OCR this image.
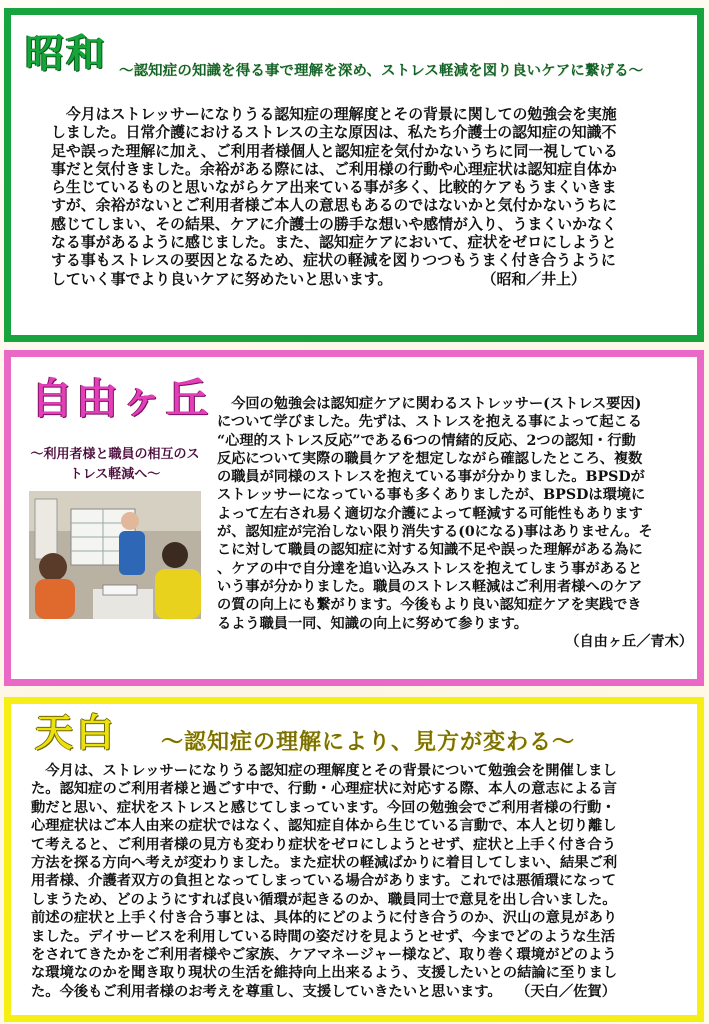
昭和 ～認知症の知識を得る事で理解を深め、ストレス軽減を図り良いケアに繋げる～
　今月はストレッサーになりうる認知症の理解度とその背景に関しての勉強会を実施
しました。日常介護におけるストレスの主な原因は、私たち介護士の認知症の知識不
足や誤った理解に加え、ご利用者様個人と認知症を気付かないうちに同一視している
事だと気付きました。余裕がある際には、ご利用様の行動や心理症状は認知症自体か
ら生じているものと思いながらケア出来ている事が多く、比較的ケアもうまくいきま
すが、余裕がないとご利用者様ご本人の意思もあるのではないかと気付かないうちに
感じてしまい、その結果、ケアに介護士の勝手な想いや感情が入り、うまくいかなく
なる事があるように感じました。また、認知症ケアにおいて、症状をゼロにしようと
する事もストレスの要因となるため、症状の軽減を図りつつもうまく付き合うように
していく事でより良いケアに努めたいと思います。　　　　　　　（昭和／井上）
自由ヶ丘
～利用者様と職員の相互のストレス軽減へ～
　今回の勉強会は認知症ケアに関わるストレッサー(ストレス要因)
について学びました。先ずは、ストレスを抱える事によって起こる
“心理的ストレス反応”である6つの情緒的反応、2つの認知・行動
反応について実際の職員ケアを想定しながら確認したところ、複数
の職員が同様のストレスを抱えている事が分かりました。BPSDが
ストレッサーになっている事も多くありましたが、BPSDは環境に
よって左右され易く適切な介護によって軽減する可能性もあります
が、認知症が完治しない限り消失する(0になる)事はありません。そ
こに対して職員の認知症に対する知識不足や誤った理解がある為に
、ケアの中で自分達を追い込みストレスを抱えてしまう事があると
いう事が分かりました。職員のストレス軽減はご利用者様へのケア
の質の向上にも繋がります。今後もより良い認知症ケアを実践でき
るよう職員一同、知識の向上に努めて参ります。
（自由ヶ丘／青木）
天白 ～認知症の理解により、見方が変わる～
　今月は、ストレッサーになりうる認知症の理解度とその背景について勉強会を開催しまし
た。認知症のご利用者様と過ごす中で、行動・心理症状に対応する際、本人の意志による言
動だと思い、症状をストレスと感じてしまっています。今回の勉強会でご利用者様の行動・
心理症状はご本人由来の症状ではなく、認知症自体から生じている言動で、本人と切り離し
て考えると、ご利用者様の見方も変わり症状をゼロにしようとせず、症状と上手く付き合う
方法を探る方向へ考えが変わりました。また症状の軽減ばかりに着目してしまい、結果ご利
用者様、介護者双方の負担となってしまっている場合があります。これでは悪循環になって
しまうため、どのようにすれば良い循環が起きるのか、職員同士で意見を出し合いました。
前述の症状と上手く付き合う事とは、具体的にどのように付き合うのか、沢山の意見があり
ました。デイサービスを利用している時間の姿だけを見ようとせず、今までどのような生活
をされてきたかをご利用者様やご家族、ケアマネージャー様など、取り巻く環境がどのよう
な環境なのかを聞き取り現状の生活を維持向上出来るよう、支援したいとの結論に至りまし
た。今後もご利用者様のお考えを尊重し、支援していきたいと思います。　　（天白／佐賀）
